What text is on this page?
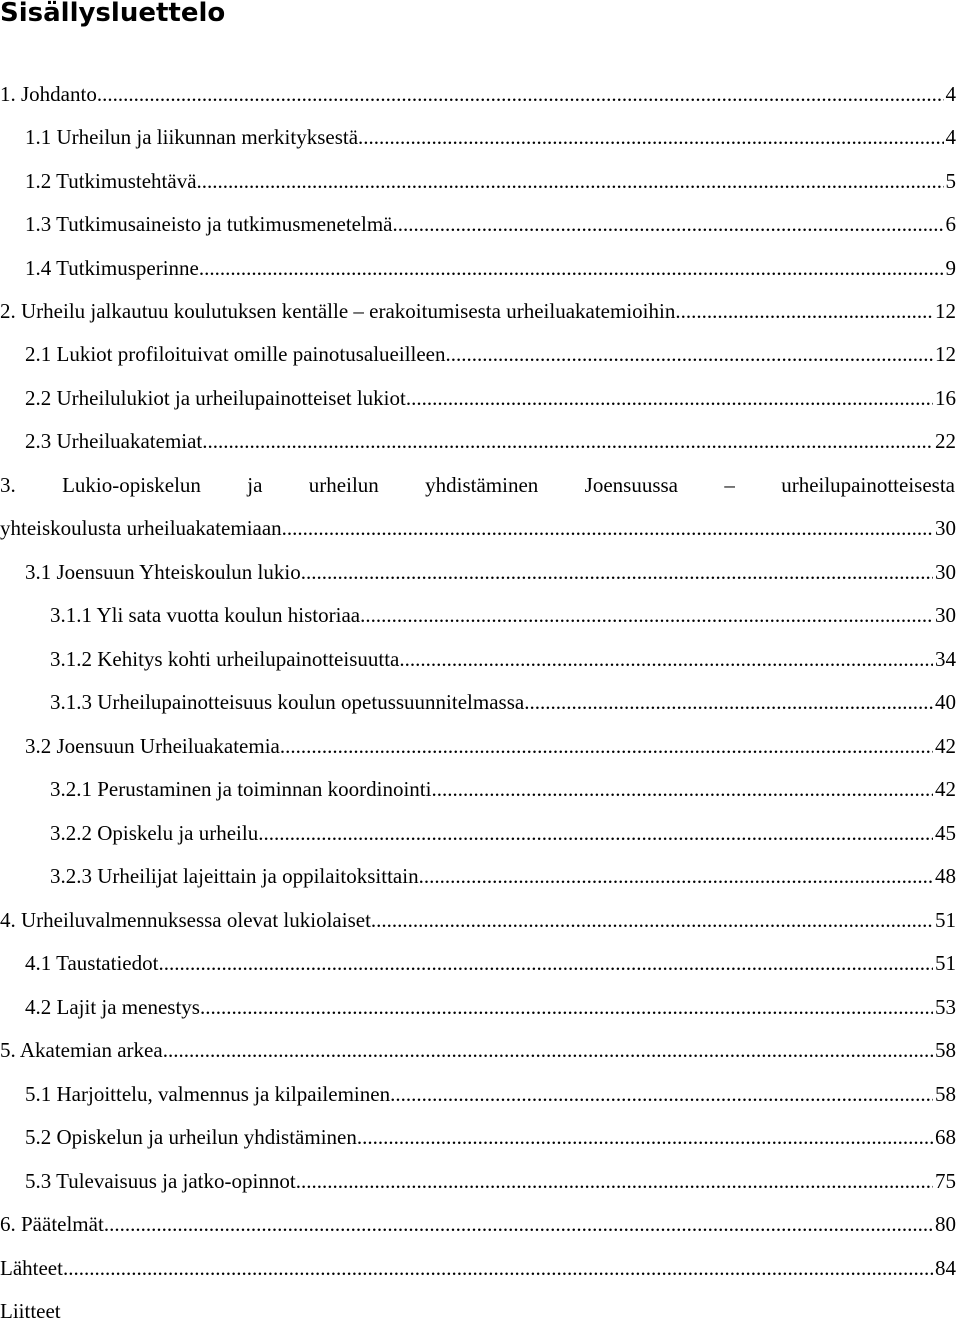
Sisällysluettelo
1. Johdanto .....	4
1.1 Urheilun ja liikunnan merkityksestä .....	4
1.2 Tutkimustehtävä .....	5
1.3 Tutkimusaineisto ja tutkimusmenetelmä .....	6
1.4 Tutkimusperinne .....	9
2. Urheilu jalkautuu koulutuksen kentälle – erakoitumisesta urheiluakatemioihin .....	12
2.1 Lukiot profiloituivat omille painotusalueilleen .....	12
2.2 Urheilulukiot ja urheilupainotteiset lukiot .....	16
2.3 Urheiluakatemiat .....	22
3. Lukio-opiskelun ja urheilun yhdistäminen Joensuussa – urheilupainotteisesta
yhteiskoulusta urheiluakatemiaan .....	30
3.1 Joensuun Yhteiskoulun lukio .....	30
3.1.1 Yli sata vuotta koulun historiaa .....	30
3.1.2 Kehitys kohti urheilupainotteisuutta .....	34
3.1.3 Urheilupainotteisuus koulun opetussuunnitelmassa .....	40
3.2 Joensuun Urheiluakatemia .....	42
3.2.1 Perustaminen ja toiminnan koordinointi .....	42
3.2.2 Opiskelu ja urheilu .....	45
3.2.3 Urheilijat lajeittain ja oppilaitoksittain .....	48
4. Urheiluvalmennuksessa olevat lukiolaiset .....	51
4.1 Taustatiedot .....	51
4.2 Lajit ja menestys .....	53
5. Akatemian arkea .....	58
5.1 Harjoittelu, valmennus ja kilpaileminen .....	58
5.2 Opiskelun ja urheilun yhdistäminen .....	68
5.3 Tulevaisuus ja jatko-opinnot .....	75
6. Päätelmät .....	80
Lähteet .....	84
Liitteet
